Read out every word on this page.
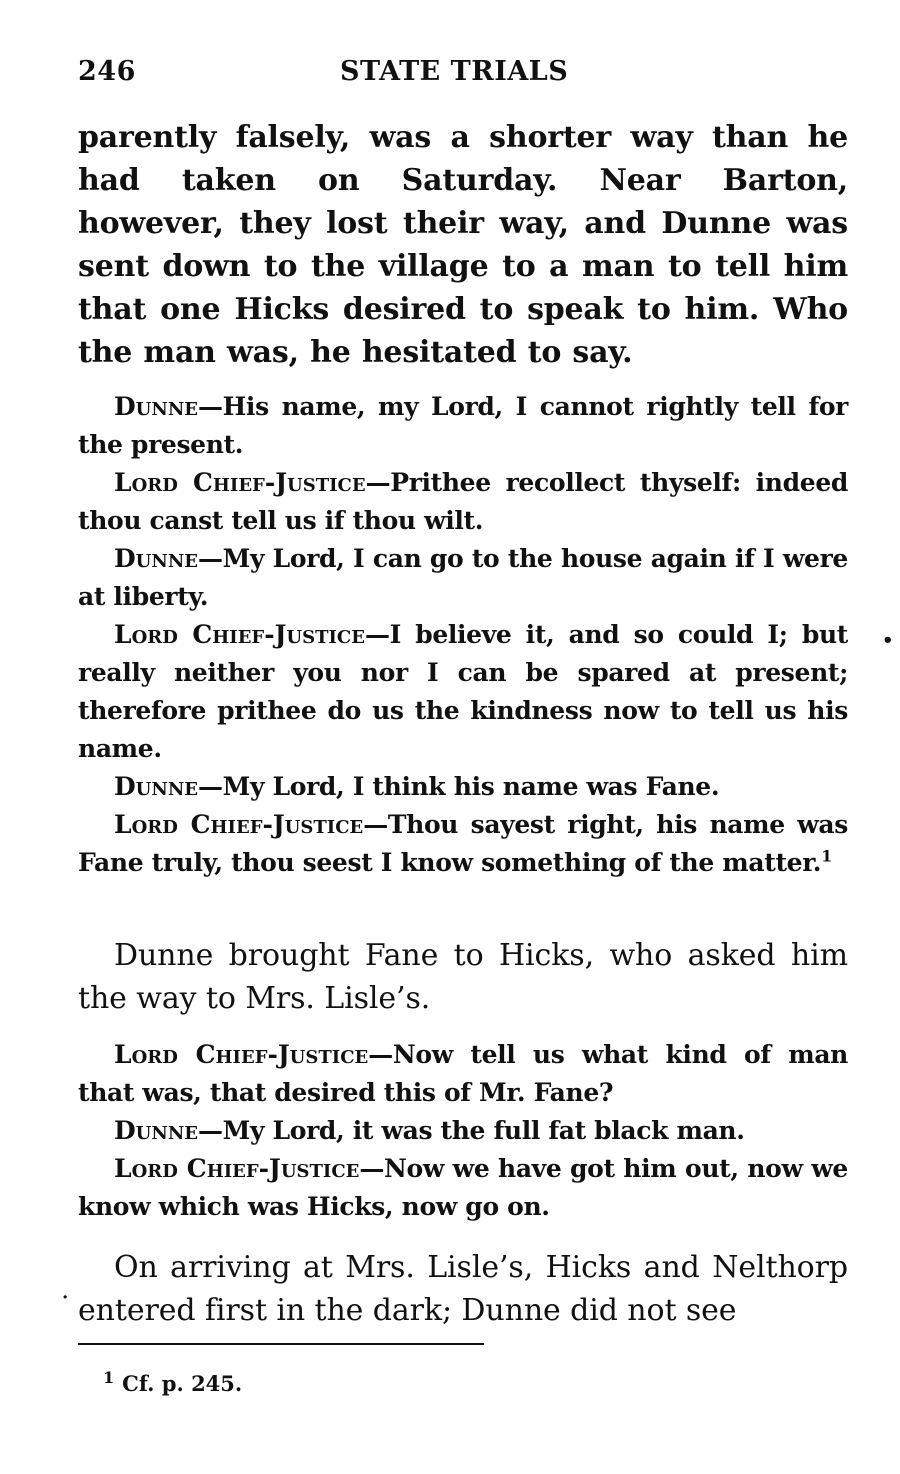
246	STATE TRIALS

parently falsely, was a shorter way than he had taken on Saturday. Near Barton, however, they lost their way, and Dunne was sent down to the village to a man to tell him that one Hicks desired to speak to him. Who the man was, he hesitated to say.

Dunne—His name, my Lord, I cannot rightly tell for the present.

Lord Chief-Justice—Prithee recollect thyself: indeed thou canst tell us if thou wilt.

Dunne—My Lord, I can go to the house again if I were at liberty.

Lord Chief-Justice—I believe it, and so could I; but really neither you nor I can be spared at present; therefore prithee do us the kindness now to tell us his name.

Dunne—My Lord, I think his name was Fane.

Lord Chief-Justice—Thou sayest right, his name was Fane truly, thou seest I know something of the matter.$^1$

Dunne brought Fane to Hicks, who asked him the way to Mrs. Lisle’s.

Lord Chief-Justice—Now tell us what kind of man that was, that desired this of Mr. Fane?

Dunne—My Lord, it was the full fat black man.

Lord Chief-Justice—Now we have got him out, now we know which was Hicks, now go on.

On arriving at Mrs. Lisle’s, Hicks and Nelthorp entered first in the dark; Dunne did not see

$^1$ Cf. p. 245.
•
·
